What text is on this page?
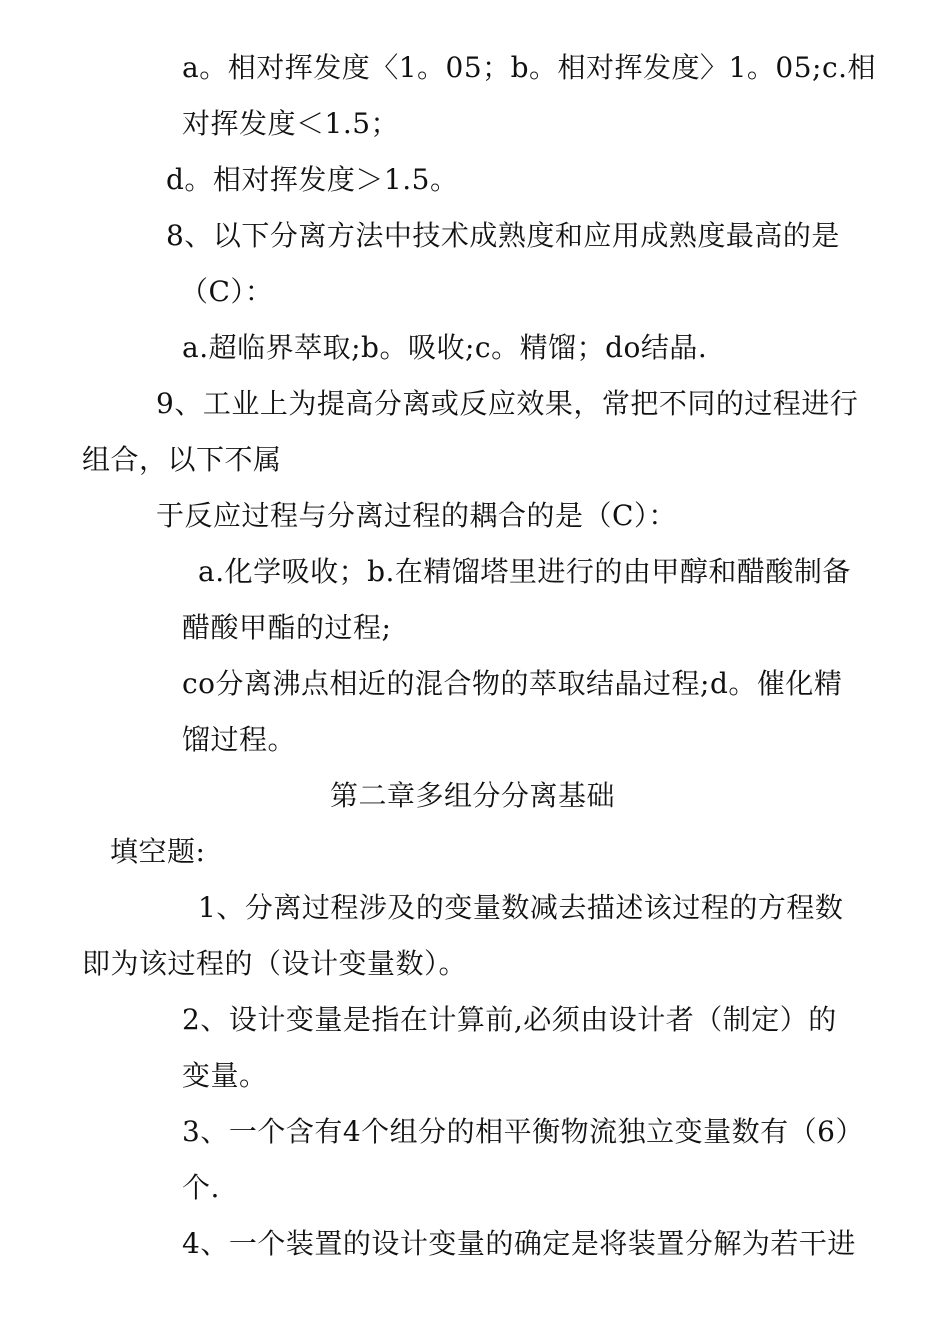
a。相对挥发度〈1。05；b。相对挥发度〉1。05;c.相
对挥发度＜1.5；
d。相对挥发度＞1.5。
8、以下分离方法中技术成熟度和应用成熟度最高的是
（C）：
a.超临界萃取;b。吸收;c。精馏；do结晶.
9、工业上为提高分离或反应效果，常把不同的过程进行
组合，以下不属
于反应过程与分离过程的耦合的是（C）：
a.化学吸收；b.在精馏塔里进行的由甲醇和醋酸制备
醋酸甲酯的过程;
co分离沸点相近的混合物的萃取结晶过程;d。催化精
馏过程。
第二章多组分分离基础
填空题:
1、分离过程涉及的变量数减去描述该过程的方程数
即为该过程的（设计变量数）。
2、设计变量是指在计算前,必须由设计者（制定）的
变量。
3、一个含有4个组分的相平衡物流独立变量数有（6）
个.
4、一个装置的设计变量的确定是将装置分解为若干进
